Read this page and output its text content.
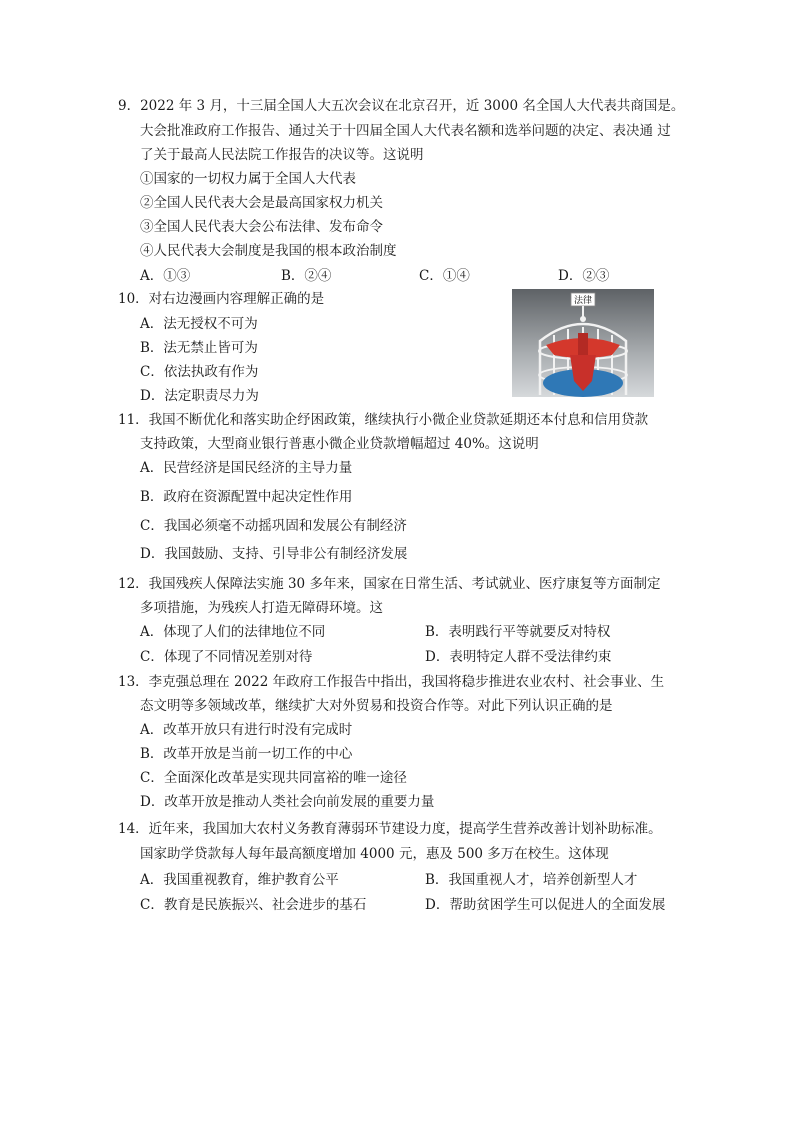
9．2022 年 3 月，十三届全国人大五次会议在北京召开，近 3000 名全国人大代表共商国是。
大会批准政府工作报告、通过关于十四届全国人大代表名额和选举问题的决定、表决通 过
了关于最高人民法院工作报告的决议等。这说明
①国家的一切权力属于全国人大代表
②全国人民代表大会是最高国家权力机关
③全国人民代表大会公布法律、发布命令
④人民代表大会制度是我国的根本政治制度
A．①③	B．②④	C．①④	D．②③
10．对右边漫画内容理解正确的是
A．法无授权不可为
B．法无禁止皆可为
C．依法执政有作为
D．法定职责尽力为
法律
11．我国不断优化和落实助企纾困政策，继续执行小微企业贷款延期还本付息和信用贷款
支持政策，大型商业银行普惠小微企业贷款增幅超过 40%。这说明
A．民营经济是国民经济的主导力量
B．政府在资源配置中起决定性作用
C．我国必须毫不动摇巩固和发展公有制经济
D．我国鼓励、支持、引导非公有制经济发展
12．我国残疾人保障法实施 30 多年来，国家在日常生活、考试就业、医疗康复等方面制定
多项措施，为残疾人打造无障碍环境。这
A．体现了人们的法律地位不同	B．表明践行平等就要反对特权
C．体现了不同情况差别对待	D．表明特定人群不受法律约束
13．李克强总理在 2022 年政府工作报告中指出，我国将稳步推进农业农村、社会事业、生
态文明等多领域改革，继续扩大对外贸易和投资合作等。对此下列认识正确的是
A．改革开放只有进行时没有完成时
B．改革开放是当前一切工作的中心
C．全面深化改革是实现共同富裕的唯一途径
D．改革开放是推动人类社会向前发展的重要力量
14．近年来，我国加大农村义务教育薄弱环节建设力度，提高学生营养改善计划补助标准。
国家助学贷款每人每年最高额度增加 4000 元，惠及 500 多万在校生。这体现
A．我国重视教育，维护教育公平	B．我国重视人才，培养创新型人才
C．教育是民族振兴、社会进步的基石	D．帮助贫困学生可以促进人的全面发展
